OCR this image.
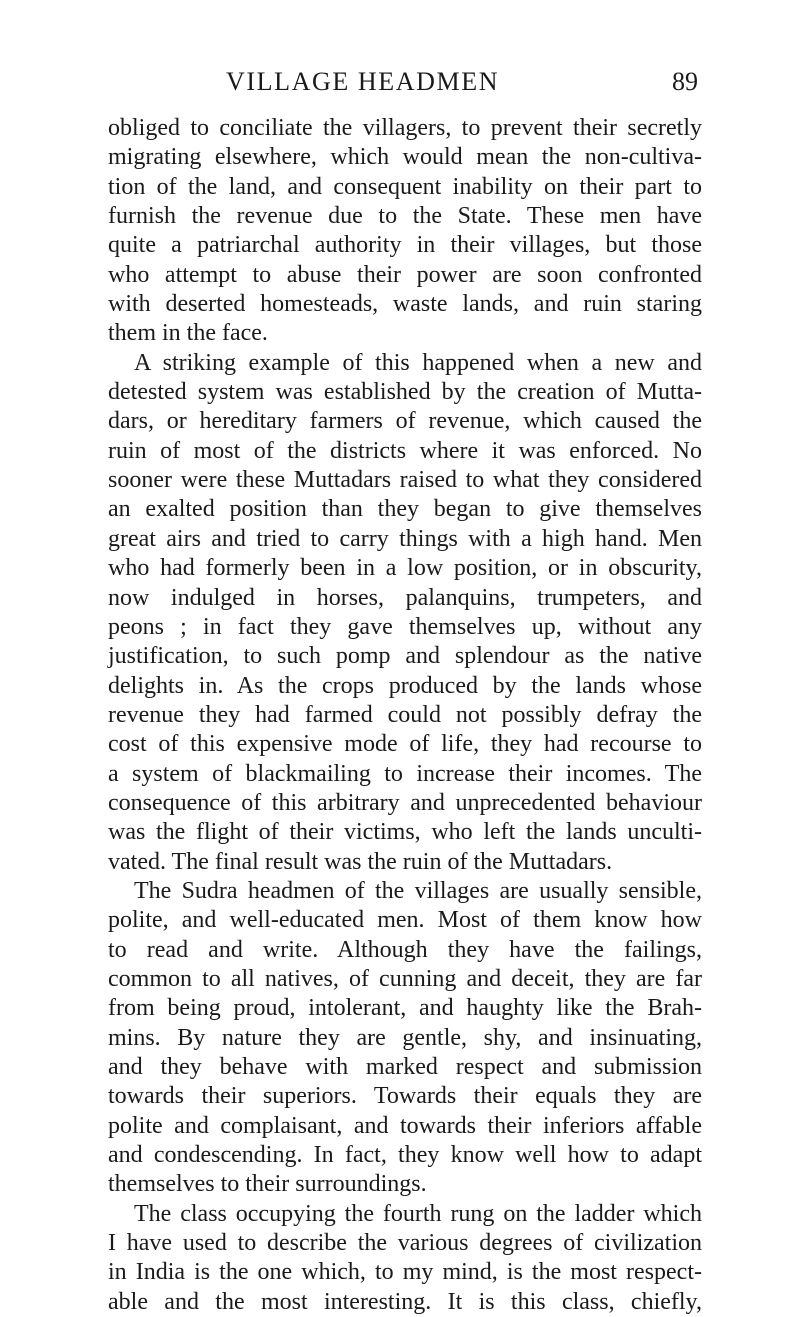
VILLAGE HEADMEN	89
obliged to conciliate the villagers, to prevent their secretly
migrating elsewhere, which would mean the non-cultiva-
tion of the land, and consequent inability on their part to
furnish the revenue due to the State. These men have
quite a patriarchal authority in their villages, but those
who attempt to abuse their power are soon confronted
with deserted homesteads, waste lands, and ruin staring
them in the face.
A striking example of this happened when a new and
detested system was established by the creation of Mutta-
dars, or hereditary farmers of revenue, which caused the
ruin of most of the districts where it was enforced. No
sooner were these Muttadars raised to what they considered
an exalted position than they began to give themselves
great airs and tried to carry things with a high hand. Men
who had formerly been in a low position, or in obscurity,
now indulged in horses, palanquins, trumpeters, and
peons ; in fact they gave themselves up, without any
justification, to such pomp and splendour as the native
delights in. As the crops produced by the lands whose
revenue they had farmed could not possibly defray the
cost of this expensive mode of life, they had recourse to
a system of blackmailing to increase their incomes. The
consequence of this arbitrary and unprecedented behaviour
was the flight of their victims, who left the lands unculti-
vated. The final result was the ruin of the Muttadars.
The Sudra headmen of the villages are usually sensible,
polite, and well-educated men. Most of them know how
to read and write. Although they have the failings,
common to all natives, of cunning and deceit, they are far
from being proud, intolerant, and haughty like the Brah-
mins. By nature they are gentle, shy, and insinuating,
and they behave with marked respect and submission
towards their superiors. Towards their equals they are
polite and complaisant, and towards their inferiors affable
and condescending. In fact, they know well how to adapt
themselves to their surroundings.
The class occupying the fourth rung on the ladder which
I have used to describe the various degrees of civilization
in India is the one which, to my mind, is the most respect-
able and the most interesting. It is this class, chiefly,
